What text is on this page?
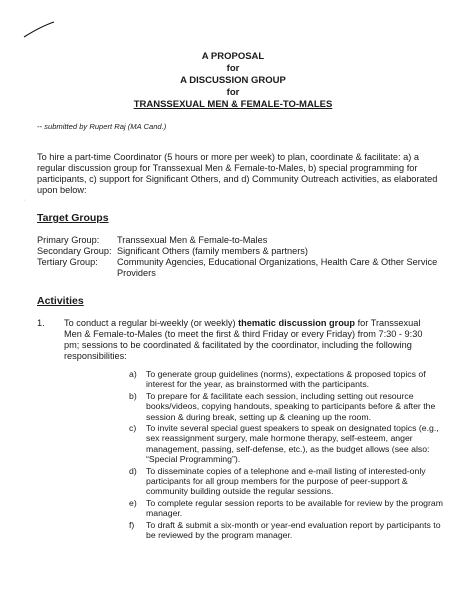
·
A PROPOSAL
for
A DISCUSSION GROUP
for
TRANSSEXUAL MEN & FEMALE-TO-MALES
-- submitted by Rupert Raj (MA Cand.)
To hire a part-time Coordinator (5 hours or more per week) to plan, coordinate & facilitate: a) a regular discussion group for Transsexual Men & Female-to-Males, b) special programming for participants, c) support for Significant Others, and d) Community Outreach activities, as elaborated upon below:
Target Groups
Primary Group:	Transsexual Men & Female-to-Males
Secondary Group: Significant Others (family members & partners)
Tertiary Group:	Community Agencies, Educational Organizations, Health Care & Other Service Providers
Activities
1.	To conduct a regular bi-weekly (or weekly) thematic discussion group for Transsexual Men & Female-to-Males (to meet the first & third Friday or every Friday) from 7:30 - 9:30 pm; sessions to be coordinated & facilitated by the coordinator, including the following responsibilities:
a)	To generate group guidelines (norms), expectations & proposed topics of interest for the year, as brainstormed with the participants.
b)	To prepare for & facilitate each session, including setting out resource books/videos, copying handouts, speaking to participants before & after the session & during break, setting up & cleaning up the room.
c)	To invite several special guest speakers to speak on designated topics (e.g., sex reassignment surgery, male hormone therapy, self-esteem, anger management, passing, self-defense, etc.), as the budget allows (see also: “Special Programming”).
d)	To disseminate copies of a telephone and e-mail listing of interested-only participants for all group members for the purpose of peer-support & community building outside the regular sessions.
e)	To complete regular session reports to be available for review by the program manager.
f)	To draft & submit a six-month or year-end evaluation report by participants to be reviewed by the program manager.
